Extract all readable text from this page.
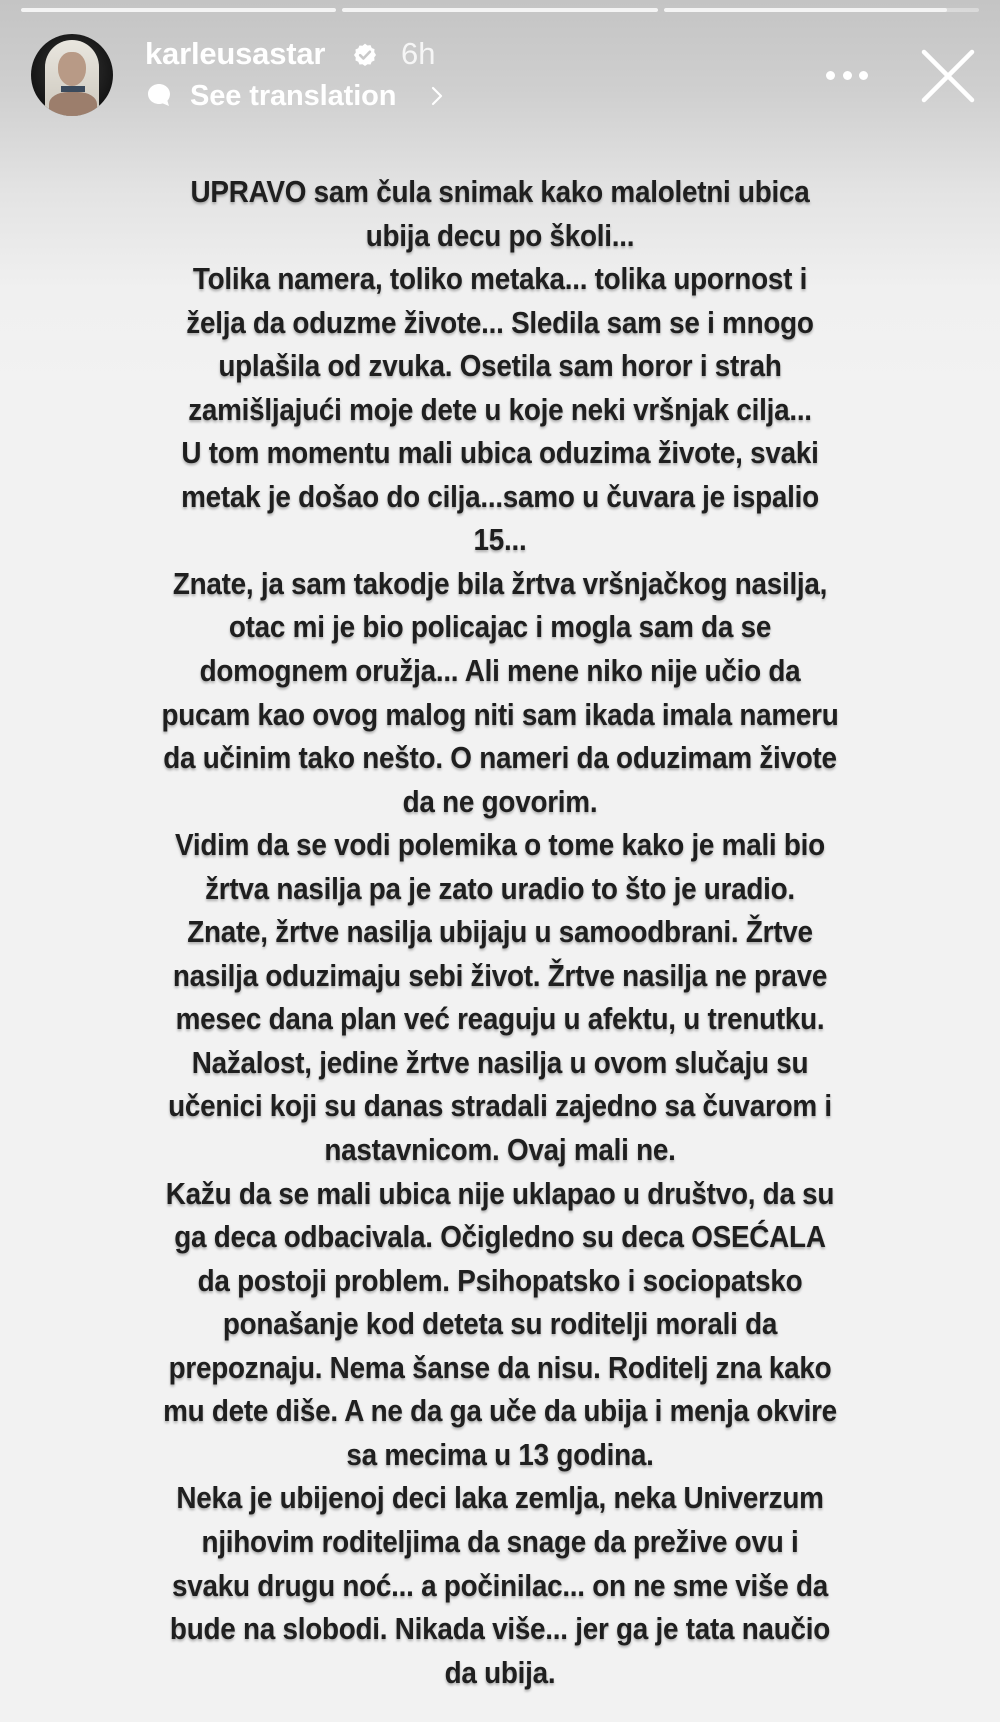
karleusastar 6h
See translation
UPRAVO sam čula snimak kako maloletni ubica
ubija decu po školi...
Tolika namera, toliko metaka... tolika upornost i
želja da oduzme živote... Sledila sam se i mnogo
uplašila od zvuka. Osetila sam horor i strah
zamišljajući moje dete u koje neki vršnjak cilja...
U tom momentu mali ubica oduzima živote, svaki
metak je došao do cilja...samo u čuvara je ispalio
15...
Znate, ja sam takodje bila žrtva vršnjačkog nasilja,
otac mi je bio policajac i mogla sam da se
domognem oružja... Ali mene niko nije učio da
pucam kao ovog malog niti sam ikada imala nameru
da učinim tako nešto. O nameri da oduzimam živote
da ne govorim.
Vidim da se vodi polemika o tome kako je mali bio
žrtva nasilja pa je zato uradio to što je uradio.
Znate, žrtve nasilja ubijaju u samoodbrani. Žrtve
nasilja oduzimaju sebi život. Žrtve nasilja ne prave
mesec dana plan već reaguju u afektu, u trenutku.
Nažalost, jedine žrtve nasilja u ovom slučaju su
učenici koji su danas stradali zajedno sa čuvarom i
nastavnicom. Ovaj mali ne.
Kažu da se mali ubica nije uklapao u društvo, da su
ga deca odbacivala. Očigledno su deca OSEĆALA
da postoji problem. Psihopatsko i sociopatsko
ponašanje kod deteta su roditelji morali da
prepoznaju. Nema šanse da nisu. Roditelj zna kako
mu dete diše. A ne da ga uče da ubija i menja okvire
sa mecima u 13 godina.
Neka je ubijenoj deci laka zemlja, neka Univerzum
njihovim roditeljima da snage da prežive ovu i
svaku drugu noć... a počinilac... on ne sme više da
bude na slobodi. Nikada više... jer ga je tata naučio
da ubija.
